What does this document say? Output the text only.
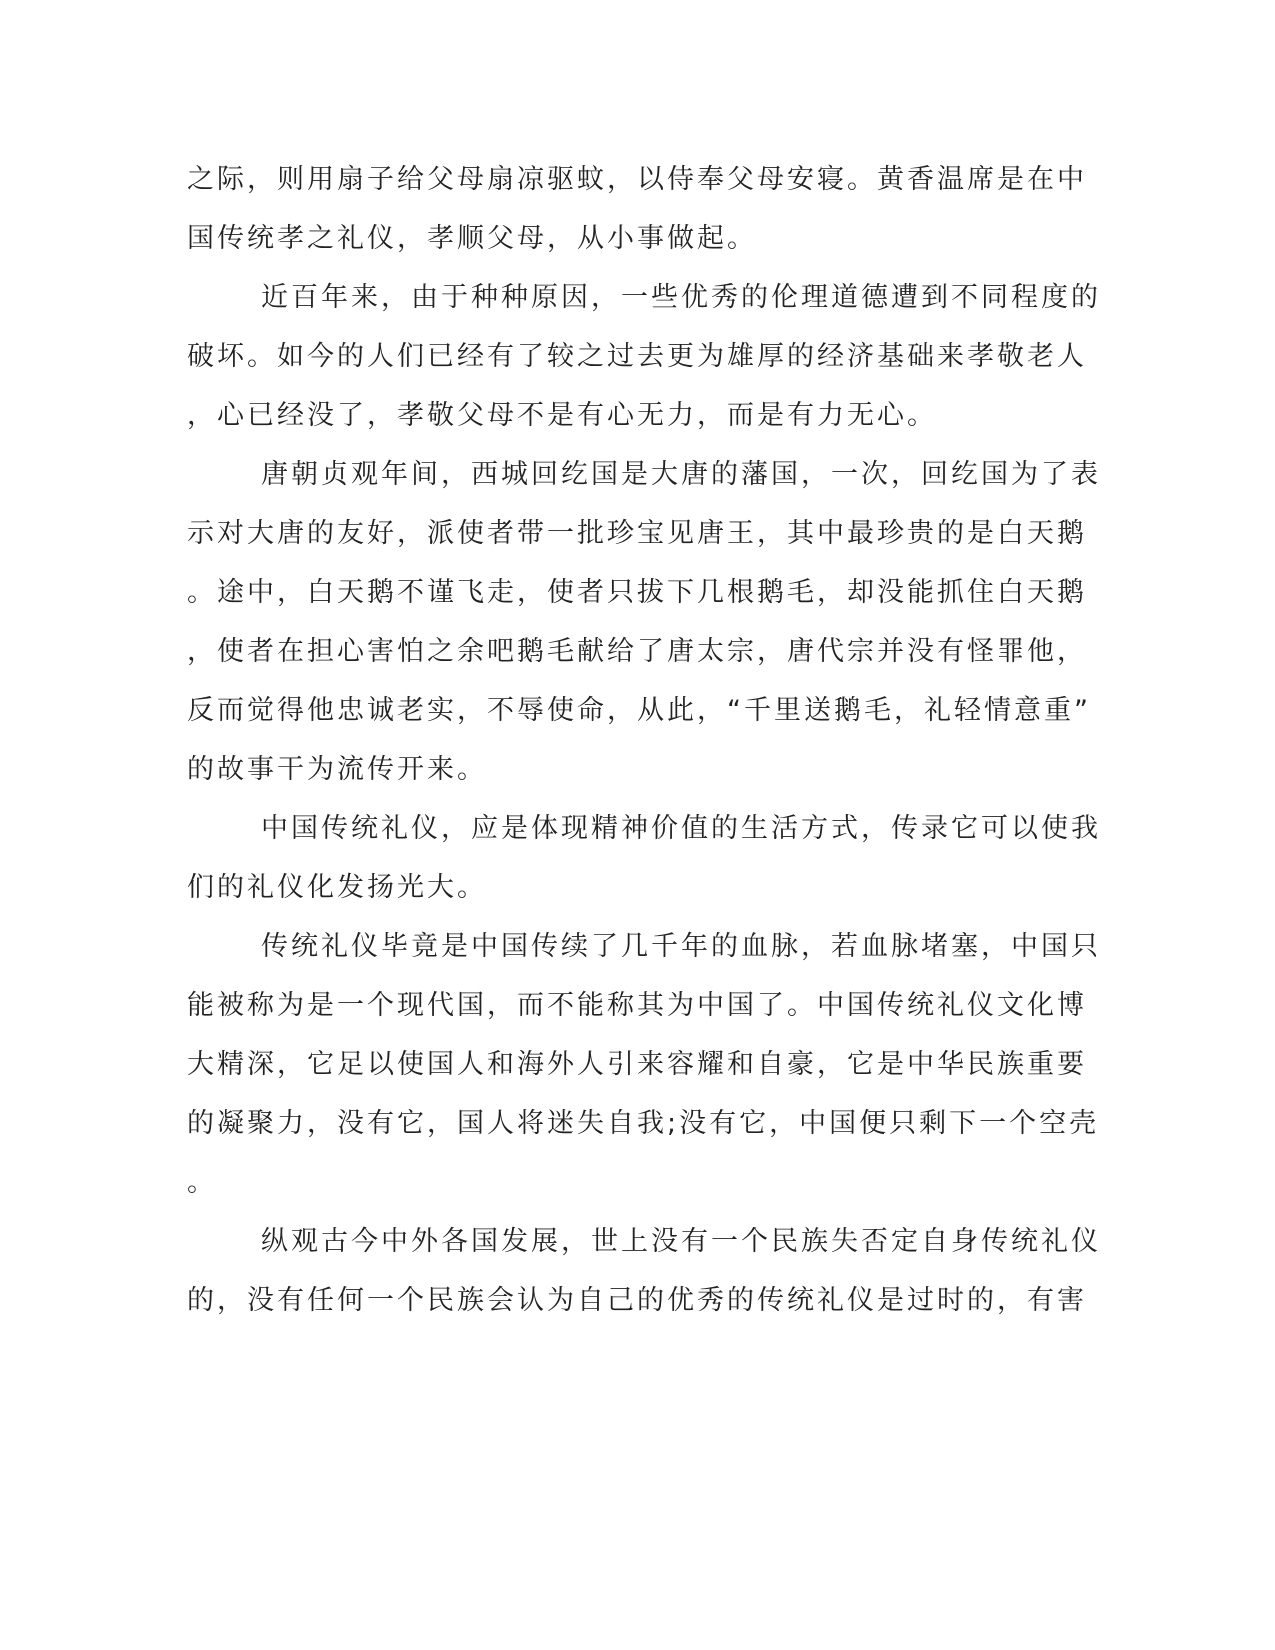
之际，则用扇子给父母扇凉驱蚊，以侍奉父母安寝。黄香温席是在中
国传统孝之礼仪，孝顺父母，从小事做起。
近百年来，由于种种原因，一些优秀的伦理道德遭到不同程度的
破坏。如今的人们已经有了较之过去更为雄厚的经济基础来孝敬老人
，心已经没了，孝敬父母不是有心无力，而是有力无心。
唐朝贞观年间，西城回纥国是大唐的藩国，一次，回纥国为了表
示对大唐的友好，派使者带一批珍宝见唐王，其中最珍贵的是白天鹅
。途中，白天鹅不谨飞走，使者只拔下几根鹅毛，却没能抓住白天鹅
，使者在担心害怕之余吧鹅毛献给了唐太宗，唐代宗并没有怪罪他，
反而觉得他忠诚老实，不辱使命，从此，“千里送鹅毛，礼轻情意重”
的故事干为流传开来。
中国传统礼仪，应是体现精神价值的生活方式，传录它可以使我
们的礼仪化发扬光大。
传统礼仪毕竟是中国传续了几千年的血脉，若血脉堵塞，中国只
能被称为是一个现代国，而不能称其为中国了。中国传统礼仪文化博
大精深，它足以使国人和海外人引来容耀和自豪，它是中华民族重要
的凝聚力，没有它，国人将迷失自我;没有它，中国便只剩下一个空壳
。
纵观古今中外各国发展，世上没有一个民族失否定自身传统礼仪
的，没有任何一个民族会认为自己的优秀的传统礼仪是过时的，有害
